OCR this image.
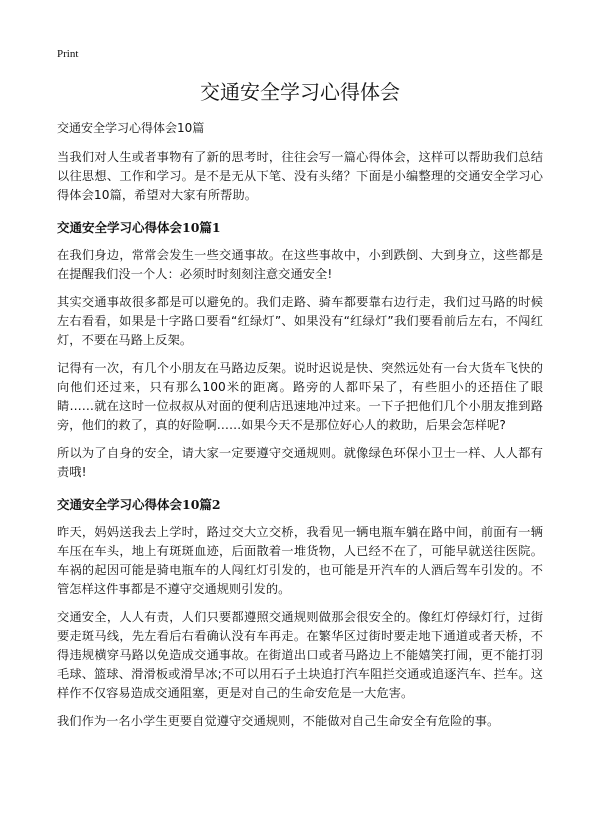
Print
交通安全学习心得体会
交通安全学习心得体会10篇

当我们对人生或者事物有了新的思考时，往往会写一篇心得体会，这样可以帮助我们总结以往思想、工作和学习。是不是无从下笔、没有头绪？下面是小编整理的交通安全学习心得体会10篇，希望对大家有所帮助。

交通安全学习心得体会10篇1

在我们身边，常常会发生一些交通事故。在这些事故中，小到跌倒、大到身立，这些都是在提醒我们没一个人：必须时时刻刻注意交通安全!

其实交通事故很多都是可以避免的。我们走路、骑车都要靠右边行走，我们过马路的时候左右看看，如果是十字路口要看“红绿灯”、如果没有“红绿灯”我们要看前后左右，不闯红灯，不要在马路上反架。

记得有一次，有几个小朋友在马路边反架。说时迟说是快、突然远处有一台大货车飞快的向他们还过来，只有那么100米的距离。路旁的人都吓呆了，有些胆小的还捂住了眼睛……就在这时一位叔叔从对面的便利店迅速地冲过来。一下子把他们几个小朋友推到路旁，他们的救了，真的好险啊……如果今天不是那位好心人的救助，后果会怎样呢?

所以为了自身的安全，请大家一定要遵守交通规则。就像绿色环保小卫士一样、人人都有责哦!

交通安全学习心得体会10篇2

昨天，妈妈送我去上学时，路过交大立交桥，我看见一辆电瓶车躺在路中间，前面有一辆车压在车头，地上有斑斑血迹，后面散着一堆货物，人已经不在了，可能早就送往医院。车祸的起因可能是骑电瓶车的人闯红灯引发的，也可能是开汽车的人酒后驾车引发的。不管怎样这件事都是不遵守交通规则引发的。

交通安全，人人有责，人们只要都遵照交通规则做那会很安全的。像红灯停绿灯行，过街要走斑马线，先左看后右看确认没有车再走。在繁华区过街时要走地下通道或者天桥，不得违规横穿马路以免造成交通事故。在街道出口或者马路边上不能嬉笑打闹，更不能打羽毛球、篮球、滑滑板或滑旱冰;不可以用石子土块追打汽车阻拦交通或追逐汽车、拦车。这样作不仅容易造成交通阻塞，更是对自己的生命安危是一大危害。

我们作为一名小学生更要自觉遵守交通规则，不能做对自己生命安全有危险的事。
